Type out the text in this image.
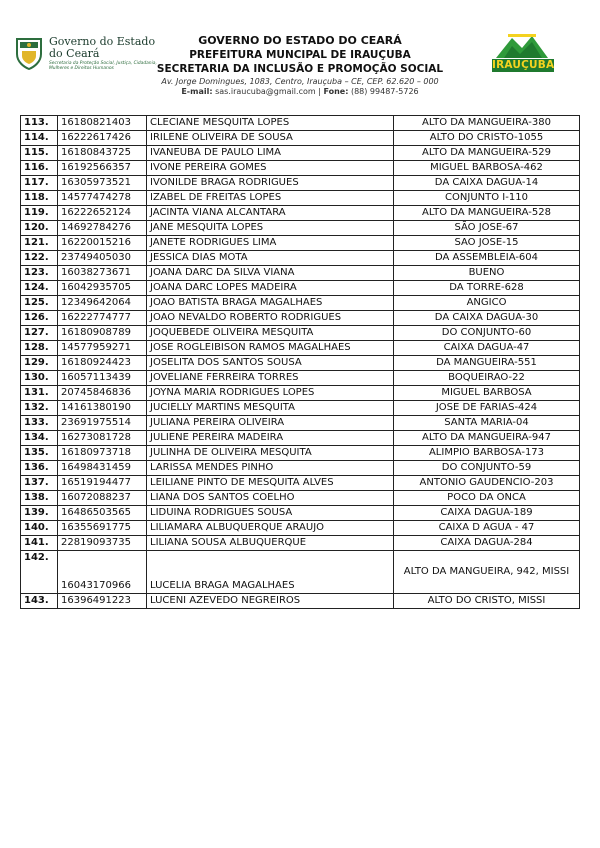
Governo do Estado do Ceará
Secretaria da Proteção Social, Justiça, Cidadania, Mulheres e Direitos Humanos
GOVERNO DO ESTADO DO CEARÁ
PREFEITURA MUNCIPAL DE IRAUÇUBA
SECRETARIA DA INCLUSÃO E PROMOÇÃO SOCIAL
Av. Jorge Domingues, 1083, Centro, Irauçuba – CE, CEP. 62.620 – 000
E-mail: sas.iraucuba@gmail.com | Fone: (88) 99487-5726
IRAUÇUBA
113.	16180821403	CLECIANE MESQUITA LOPES	ALTO DA MANGUEIRA-380
114.	16222617426	IRILENE OLIVEIRA DE SOUSA	ALTO DO CRISTO-1055
115.	16180843725	IVANEUBA DE PAULO LIMA	ALTO DA MANGUEIRA-529
116.	16192566357	IVONE PEREIRA GOMES	MIGUEL BARBOSA-462
117.	16305973521	IVONILDE BRAGA RODRIGUES	DA CAIXA DAGUA-14
118.	14577474278	IZABEL DE FREITAS LOPES	CONJUNTO I-110
119.	16222652124	JACINTA VIANA ALCANTARA	ALTO DA MANGUEIRA-528
120.	14692784276	JANE MESQUITA LOPES	SÃO JOSE-67
121.	16220015216	JANETE RODRIGUES LIMA	SAO JOSE-15
122.	23749405030	JESSICA DIAS MOTA	DA ASSEMBLEIA-604
123.	16038273671	JOANA DARC DA SILVA VIANA	BUENO
124.	16042935705	JOANA DARC LOPES MADEIRA	DA TORRE-628
125.	12349642064	JOAO BATISTA BRAGA MAGALHAES	ANGICO
126.	16222774777	JOAO NEVALDO ROBERTO RODRIGUES	DA CAIXA DAGUA-30
127.	16180908789	JOQUEBEDE OLIVEIRA MESQUITA	DO CONJUNTO-60
128.	14577959271	JOSE ROGLEIBISON RAMOS MAGALHAES	CAIXA DAGUA-47
129.	16180924423	JOSELITA DOS SANTOS SOUSA	DA MANGUEIRA-551
130.	16057113439	JOVELIANE FERREIRA TORRES	BOQUEIRAO-22
131.	20745846836	JOYNA MARIA RODRIGUES LOPES	MIGUEL BARBOSA
132.	14161380190	JUCIELLY MARTINS MESQUITA	JOSE DE FARIAS-424
133.	23691975514	JULIANA PEREIRA OLIVEIRA	SANTA MARIA-04
134.	16273081728	JULIENE PEREIRA MADEIRA	ALTO DA MANGUEIRA-947
135.	16180973718	JULINHA DE OLIVEIRA MESQUITA	ALIMPIO BARBOSA-173
136.	16498431459	LARISSA MENDES PINHO	DO CONJUNTO-59
137.	16519194477	LEILIANE PINTO DE MESQUITA ALVES	ANTONIO GAUDENCIO-203
138.	16072088237	LIANA DOS SANTOS COELHO	POCO DA ONCA
139.	16486503565	LIDUINA RODRIGUES SOUSA	CAIXA DAGUA-189
140.	16355691775	LILIAMARA ALBUQUERQUE ARAUJO	CAIXA D AGUA - 47
141.	22819093735	LILIANA SOUSA ALBUQUERQUE	CAIXA DAGUA-284
142.	16043170966	LUCELIA BRAGA MAGALHAES	ALTO DA MANGUEIRA, 942, MISSI
143.	16396491223	LUCENI AZEVEDO NEGREIROS	ALTO DO CRISTO, MISSI
